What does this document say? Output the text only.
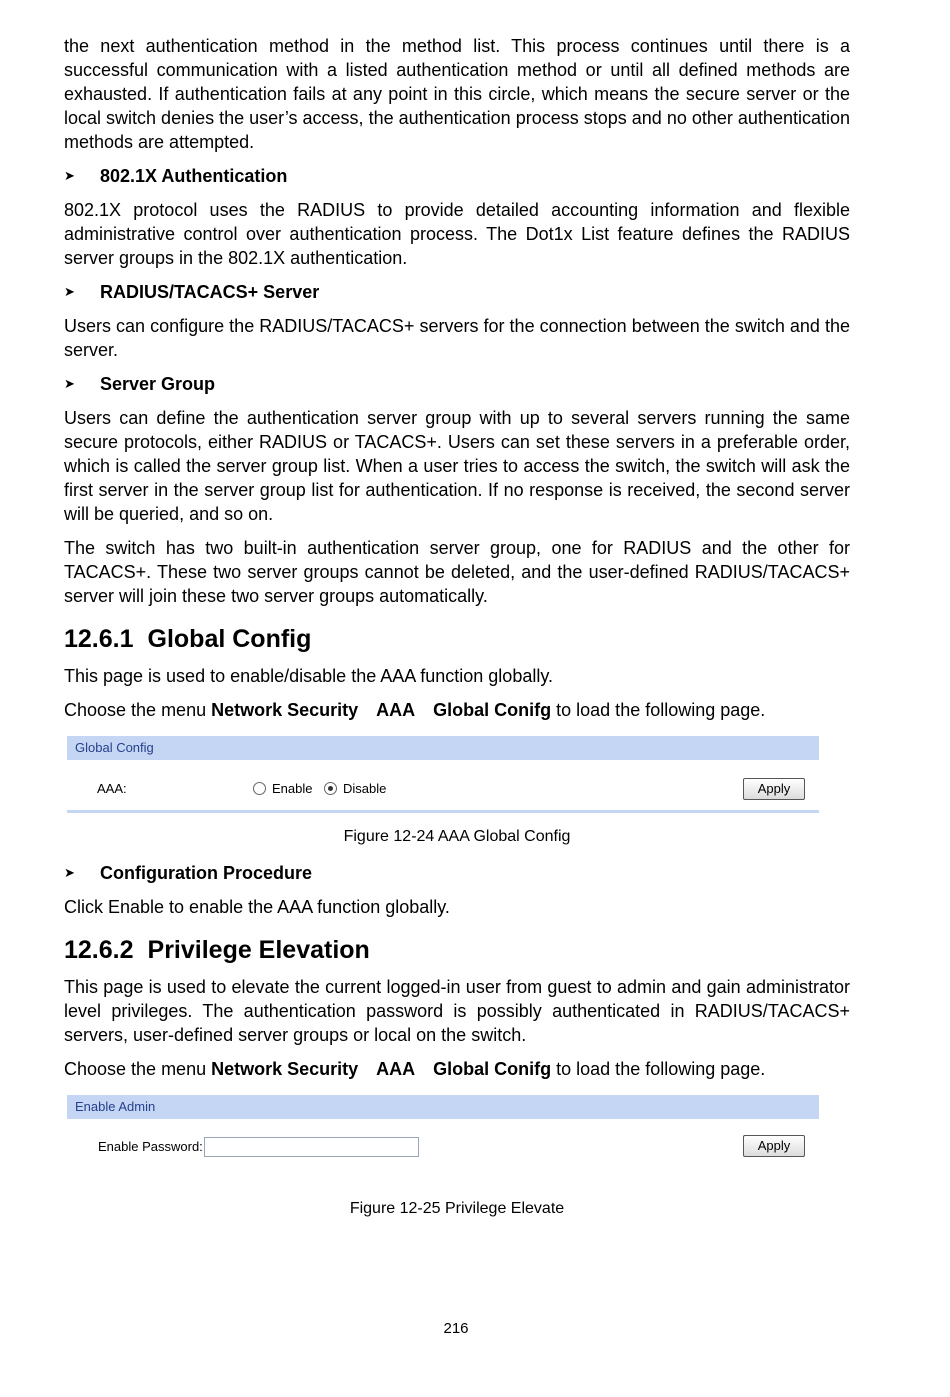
the next authentication method in the method list. This process continues until there is a successful communication with a listed authentication method or until all defined methods are exhausted. If authentication fails at any point in this circle, which means the secure server or the local switch denies the user’s access, the authentication process stops and no other authentication methods are attempted.

➤	802.1X Authentication

802.1X protocol uses the RADIUS to provide detailed accounting information and flexible administrative control over authentication process. The Dot1x List feature defines the RADIUS server groups in the 802.1X authentication.

➤	RADIUS/TACACS+ Server

Users can configure the RADIUS/TACACS+ servers for the connection between the switch and the server.

➤	Server Group

Users can define the authentication server group with up to several servers running the same secure protocols, either RADIUS or TACACS+. Users can set these servers in a preferable order, which is called the server group list. When a user tries to access the switch, the switch will ask the first server in the server group list for authentication. If no response is received, the second server will be queried, and so on.

The switch has two built-in authentication server group, one for RADIUS and the other for TACACS+. These two server groups cannot be deleted, and the user-defined RADIUS/TACACS+ server will join these two server groups automatically.

12.6.1 Global Config

This page is used to enable/disable the AAA function globally.

Choose the menu Network Security AAA Global Conifg to load the following page.
Global Config
AAA:	Enable	Disable	Apply
Figure 12-24 AAA Global Config
➤	Configuration Procedure

Click Enable to enable the AAA function globally.

12.6.2 Privilege Elevation

This page is used to elevate the current logged-in user from guest to admin and gain administrator level privileges. The authentication password is possibly authenticated in RADIUS/TACACS+ servers, user-defined server groups or local on the switch.

Choose the menu Network Security AAA Global Conifg to load the following page.
Enable Admin
Enable Password:	Apply
Figure 12-25 Privilege Elevate
216
